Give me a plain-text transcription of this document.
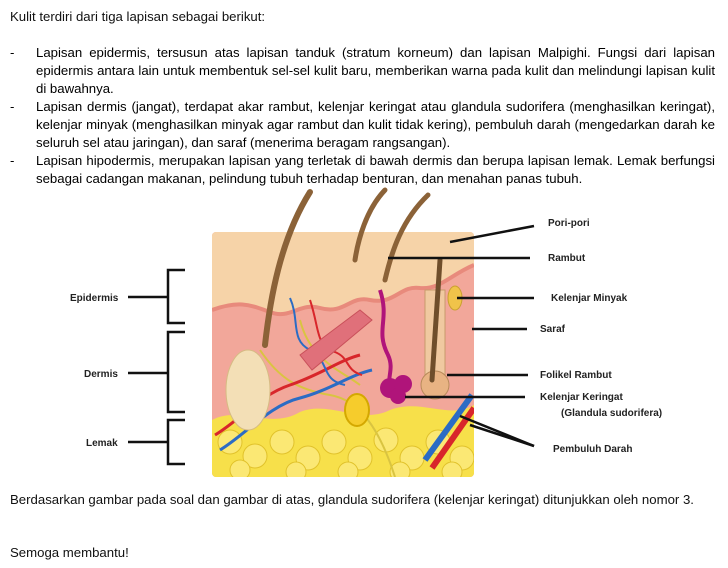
Kulit terdiri dari tiga lapisan sebagai berikut:
- Lapisan epidermis, tersusun atas lapisan tanduk (stratum korneum) dan lapisan Malpighi. Fungsi dari lapisan epidermis antara lain untuk membentuk sel-sel kulit baru, memberikan warna pada kulit dan melindungi lapisan kulit di bawahnya.
- Lapisan dermis (jangat), terdapat akar rambut, kelenjar keringat atau glandula sudorifera (menghasilkan keringat), kelenjar minyak (menghasilkan minyak agar rambut dan kulit tidak kering), pembuluh darah (mengedarkan darah ke seluruh sel atau jaringan), dan saraf (menerima beragam rangsangan).
- Lapisan hipodermis, merupakan lapisan yang terletak di bawah dermis dan berupa lapisan lemak. Lemak berfungsi sebagai cadangan makanan, pelindung tubuh terhadap benturan, dan menahan panas tubuh.
Epidermis
Dermis
Lemak
Pori-pori
Rambut
Kelenjar Minyak
Saraf
Folikel Rambut
Kelenjar Keringat
(Glandula sudorifera)
Pembuluh Darah
Berdasarkan gambar pada soal dan gambar di atas, glandula sudorifera (kelenjar keringat) ditunjukkan oleh nomor 3.
Semoga membantu!
